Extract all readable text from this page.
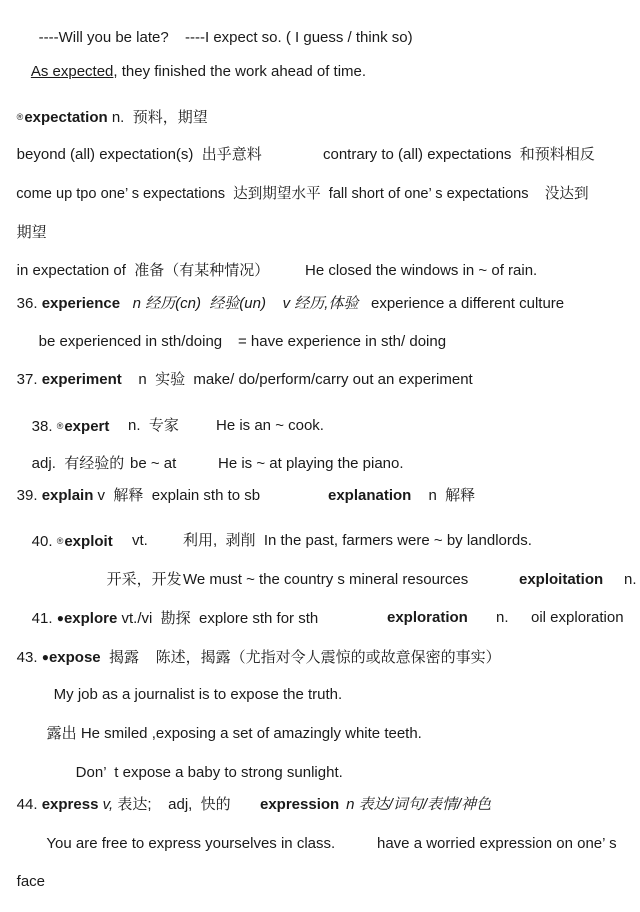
----Will you be late? ----I expect so. ( I guess / think so)

As expected, they finished the work ahead of time.

®expectation n.  预料，期望

beyond (all) expectation(s)  出乎意料	contrary to (all) expectations  和预料相反

come up tpo one’ s expectations  达到期望水平  fall short of one’ s expectations    没达到

期望

in expectation of  准备（有某种情况） He closed the windows in ~ of rain.

36. experience   n 经历(cn)  经验(un)    v 经历,体验   experience a different culture

be experienced in sth/doing = have experience in sth/ doing

37. experiment    n  实验  make/ do/perform/carry out an experiment

38. ®expert n.  专家 He is an ~ cook.

adj.  有经验的 be ~ at	He is ~ at playing the piano.

39. explain v  解释  explain sth to sb	explanation n  解释

40. ®exploit vt. 利用,  剥削  In the past, farmers were ~ by landlords.

开采，开发 We must ~ the country s mineral resources	exploitation n.

41. ●explore vt./vi  勘探  explore sth for sth	exploration n. oil exploration

43. ●expose  揭露    陈述，揭露（尤指对令人震惊的或故意保密的事实）

My job as a journalist is to expose the truth.

露出 He smiled ,exposing a set of amazingly white teeth.

Don’  t expose a baby to strong sunlight.

44. express v, 表达;    adj,  快的 expression n 表达/词句/表情/神色

You are free to express yourselves in class.	have a worried expression on one’ s

face
